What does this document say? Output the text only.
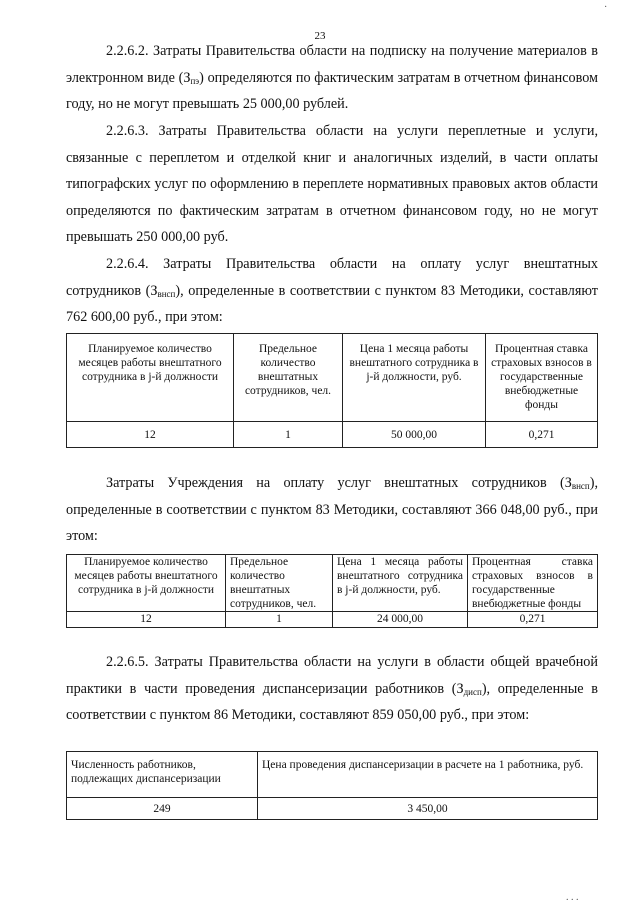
23

2.2.6.2. Затраты Правительства области на подписку на получение материалов в электронном виде $(З_{пэ})$ определяются по фактическим затратам в отчетном финансовом году, но не могут превышать 25 000,00 рублей.

2.2.6.3. Затраты Правительства области на услуги переплетные и услуги, связанные с переплетом и отделкой книг и аналогичных изделий, в части оплаты типографских услуг по оформлению в переплете нормативных правовых актов области определяются по фактическим затратам в отчетном финансовом году, но не могут превышать 250 000,00 руб.

2.2.6.4. Затраты Правительства области на оплату услуг внештатных сотрудников $(З_{внсп})$, определенные в соответствии с пунктом 83 Методики, составляют 762 600,00 руб., при этом:

Планируемое количество месяцев работы внештатного сотрудника в j-й должности	Предельное количество внештатных сотрудников, чел.	Цена 1 месяца работы внештатного сотрудника в j-й должности, руб.	Процентная ставка страховых взносов в государственные внебюджетные фонды
12	1	50 000,00	0,271

Затраты Учреждения на оплату услуг внештатных сотрудников $(З_{внсп})$, определенные в соответствии с пунктом 83 Методики, составляют 366 048,00 руб., при этом:

Планируемое количество месяцев работы внештатного сотрудника в j-й должности	Предельное количество внештатных сотрудников, чел.	Цена 1 месяца работы внештатного сотрудника в j-й должности, руб.	Процентная ставка страховых взносов в государственные внебюджетные фонды
12	1	24 000,00	0,271

2.2.6.5. Затраты Правительства области на услуги в области общей врачебной практики в части проведения диспансеризации работников $(З_{дисп})$, определенные в соответствии с пунктом 86 Методики, составляют 859 050,00 руб., при этом:

Численность работников, подлежащих диспансеризации	Цена проведения диспансеризации в расчете на 1 работника, руб.
249	3 450,00
·
. . .
